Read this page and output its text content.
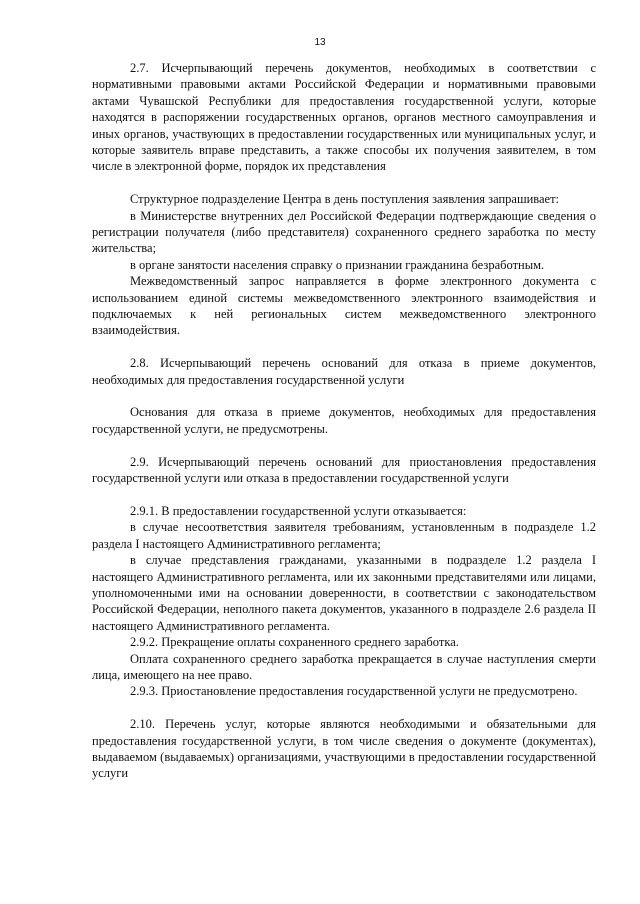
13

2.7. Исчерпывающий перечень документов, необходимых в соответствии с нормативными правовыми актами Российской Федерации и нормативными правовыми актами Чувашской Республики для предоставления государственной услуги, которые находятся в распоряжении государственных органов, органов местного самоуправления и иных органов, участвующих в предоставлении государственных или муниципальных услуг, и которые заявитель вправе представить, а также способы их получения заявителем, в том числе в электронной форме, порядок их представления

Структурное подразделение Центра в день поступления заявления запрашивает:

в Министерстве внутренних дел Российской Федерации подтверждающие сведения о регистрации получателя (либо представителя) сохраненного среднего заработка по месту жительства;

в органе занятости населения справку о признании гражданина безработным.

Межведомственный запрос направляется в форме электронного документа с использованием единой системы межведомственного электронного взаимодействия и подключаемых к ней региональных систем межведомственного электронного взаимодействия.

2.8. Исчерпывающий перечень оснований для отказа в приеме документов, необходимых для предоставления государственной услуги

Основания для отказа в приеме документов, необходимых для предоставления государственной услуги, не предусмотрены.

2.9. Исчерпывающий перечень оснований для приостановления предоставления государственной услуги или отказа в предоставлении государственной услуги

2.9.1. В предоставлении государственной услуги отказывается:

в случае несоответствия заявителя требованиям, установленным в подразделе 1.2 раздела I настоящего Административного регламента;

в случае представления гражданами, указанными в подразделе 1.2 раздела I настоящего Административного регламента, или их законными представителями или лицами, уполномоченными ими на основании доверенности, в соответствии с законодательством Российской Федерации, неполного пакета документов, указанного в подразделе 2.6 раздела II настоящего Административного регламента.

2.9.2. Прекращение оплаты сохраненного среднего заработка.

Оплата сохраненного среднего заработка прекращается в случае наступления смерти лица, имеющего на нее право.

2.9.3. Приостановление предоставления государственной услуги не предусмотрено.

2.10. Перечень услуг, которые являются необходимыми и обязательными для предоставления государственной услуги, в том числе сведения о документе (документах), выдаваемом (выдаваемых) организациями, участвующими в предоставлении государственной услуги
